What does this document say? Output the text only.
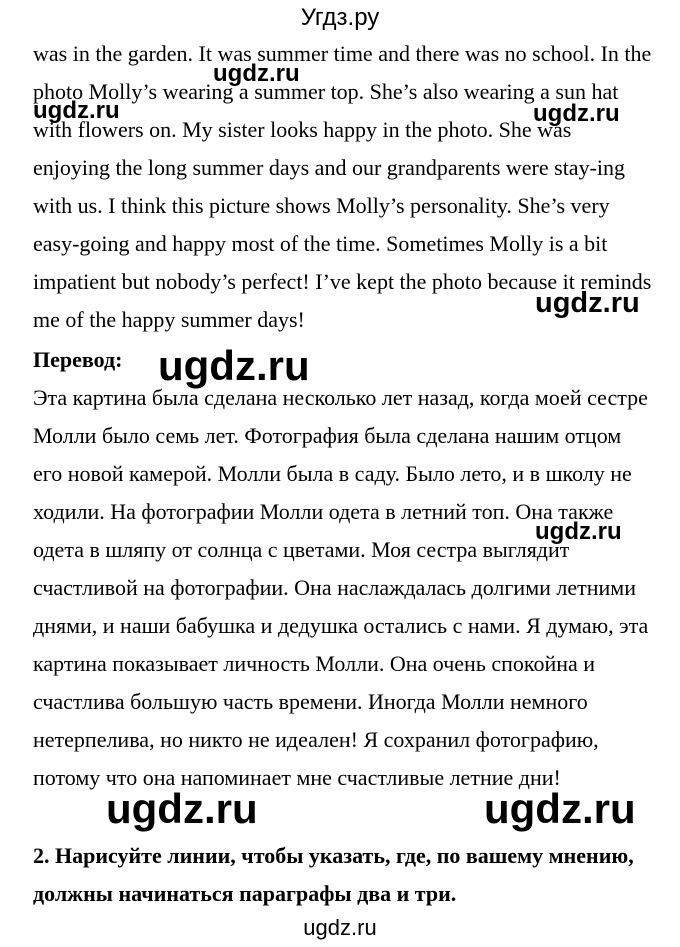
Угдз.ру
was in the garden. It was summer time and there was no school. In the
photo Molly’s wearing a summer top. She’s also wearing a sun hat
with flowers on. My sister looks happy in the photo. She was
enjoying the long summer days and our grandparents were stay-ing
with us. I think this picture shows Molly’s personality. She’s very
easy-going and happy most of the time. Sometimes Molly is a bit
impatient but nobody’s perfect! I’ve kept the photo because it reminds
me of the happy summer days!
Перевод:
Эта картина была сделана несколько лет назад, когда моей сестре
Молли было семь лет. Фотография была сделана нашим отцом
его новой камерой. Молли была в саду. Было лето, и в школу не
ходили. На фотографии Молли одета в летний топ. Она также
одета в шляпу от солнца с цветами. Моя сестра выглядит
счастливой на фотографии. Она наслаждалась долгими летними
днями, и наши бабушка и дедушка остались с нами. Я думаю, эта
картина показывает личность Молли. Она очень спокойна и
счастлива большую часть времени. Иногда Молли немного
нетерпелива, но никто не идеален! Я сохранил фотографию,
потому что она напоминает мне счастливые летние дни!
2. Нарисуйте линии, чтобы указать, где, по вашему мнению,
должны начинаться параграфы два и три.
ugdz.ru
ugdz.ru	ugdz.ru
ugdz.ru
ugdz.ru
ugdz.ru
ugdz.ru	ugdz.ru
ugdz.ru
